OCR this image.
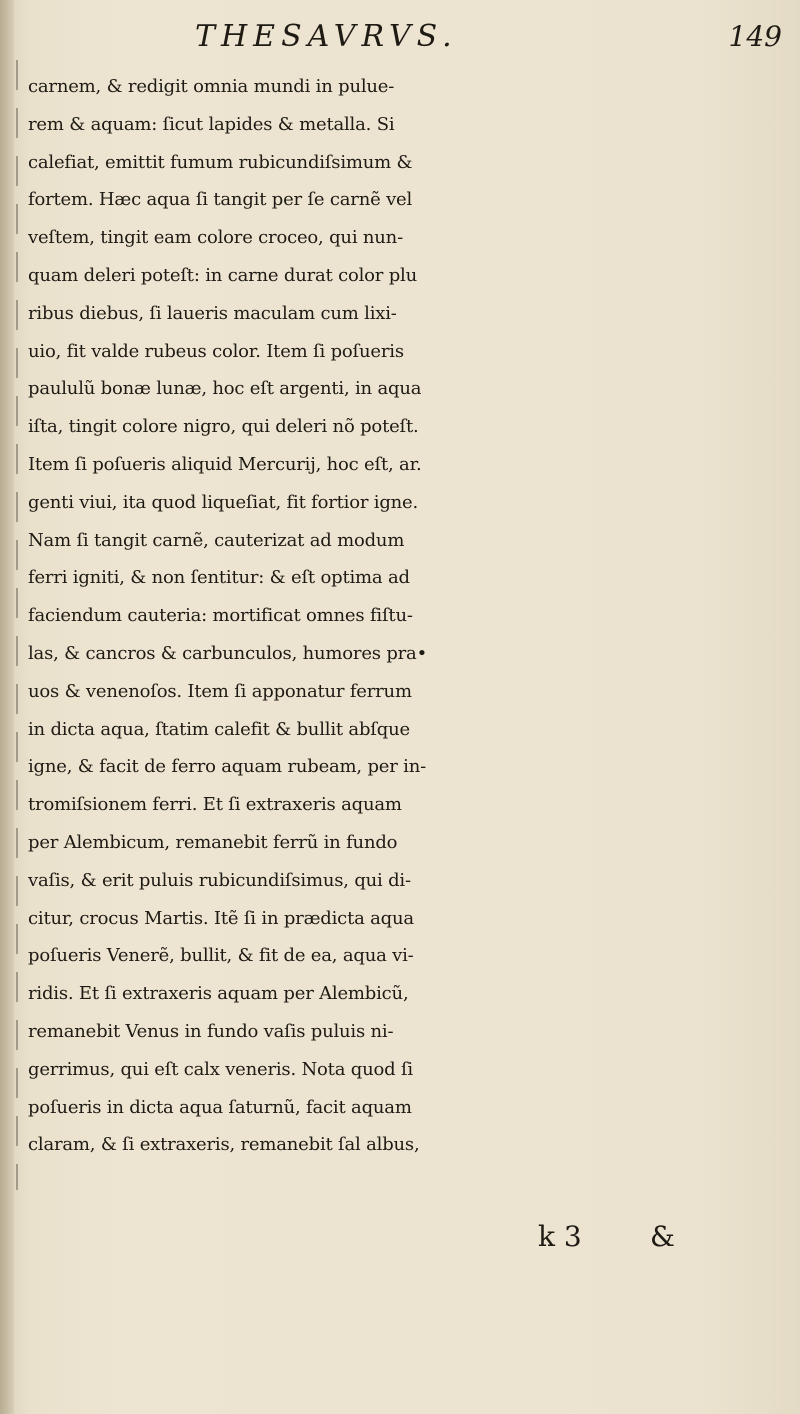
THESAVRVS.	149
carnem, & redigit omnia mundi in pulue-
rem & aquam: ſicut lapides & metalla. Si
calefiat, emittit fumum rubicundiſsimum &
fortem. Hæc aqua ſi tangit per ſe carnẽ vel
veſtem, tingit eam colore croceo, qui nun-
quam deleri poteſt: in carne durat color plu
ribus diebus, ſi laueris maculam cum lixi-
uio, fit valde rubeus color. Item ſi poſueris
paululũ bonæ lunæ, hoc eſt argenti, in aqua
iſta, tingit colore nigro, qui deleri nõ poteſt.
Item ſi poſueris aliquid Mercurij, hoc eſt, ar.
genti viui, ita quod liqueſiat, fit fortior igne.
Nam ſi tangit carnẽ, cauterizat ad modum
ferri igniti, & non ſentitur: & eſt optima ad
faciendum cauteria: mortificat omnes fiſtu-
las, & cancros & carbunculos, humores pra•
uos & venenoſos. Item ſi apponatur ferrum
in dicta aqua, ſtatim calefit & bullit abſque
igne, & facit de ferro aquam rubeam, per in-
tromiſsionem ferri. Et ſi extraxeris aquam
per Alembicum, remanebit ferrũ in fundo
vaſis, & erit puluis rubicundiſsimus, qui di-
citur, crocus Martis. Itẽ ſi in prædicta aqua
poſueris Venerẽ, bullit, & fit de ea, aqua vi-
ridis. Et ſi extraxeris aquam per Alembicũ,
remanebit Venus in fundo vaſis puluis ni-
gerrimus, qui eſt calx veneris. Nota quod ſi
poſueris in dicta aqua ſaturnũ, facit aquam
claram, & ſi extraxeris, remanebit ſal albus,
k 3 &
